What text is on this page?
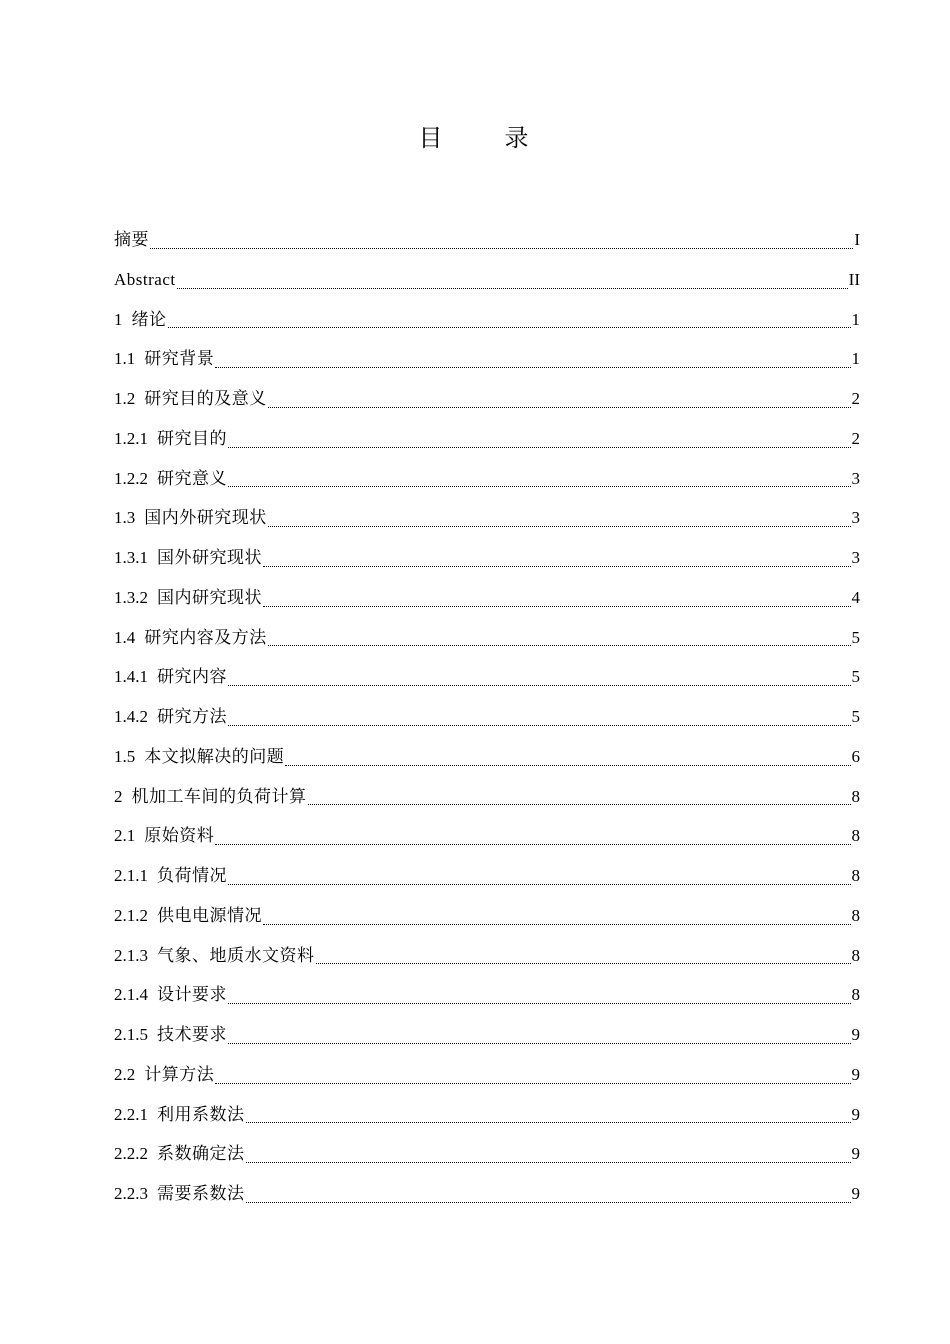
目 录
摘要	I
Abstract	II
1 绪论	1
1.1 研究背景	1
1.2 研究目的及意义	2
1.2.1 研究目的	2
1.2.2 研究意义	3
1.3 国内外研究现状	3
1.3.1 国外研究现状	3
1.3.2 国内研究现状	4
1.4 研究内容及方法	5
1.4.1 研究内容	5
1.4.2 研究方法	5
1.5 本文拟解决的问题	6
2 机加工车间的负荷计算	8
2.1 原始资料	8
2.1.1 负荷情况	8
2.1.2 供电电源情况	8
2.1.3 气象、地质水文资料	8
2.1.4 设计要求	8
2.1.5 技术要求	9
2.2 计算方法	9
2.2.1 利用系数法	9
2.2.2 系数确定法	9
2.2.3 需要系数法	9
